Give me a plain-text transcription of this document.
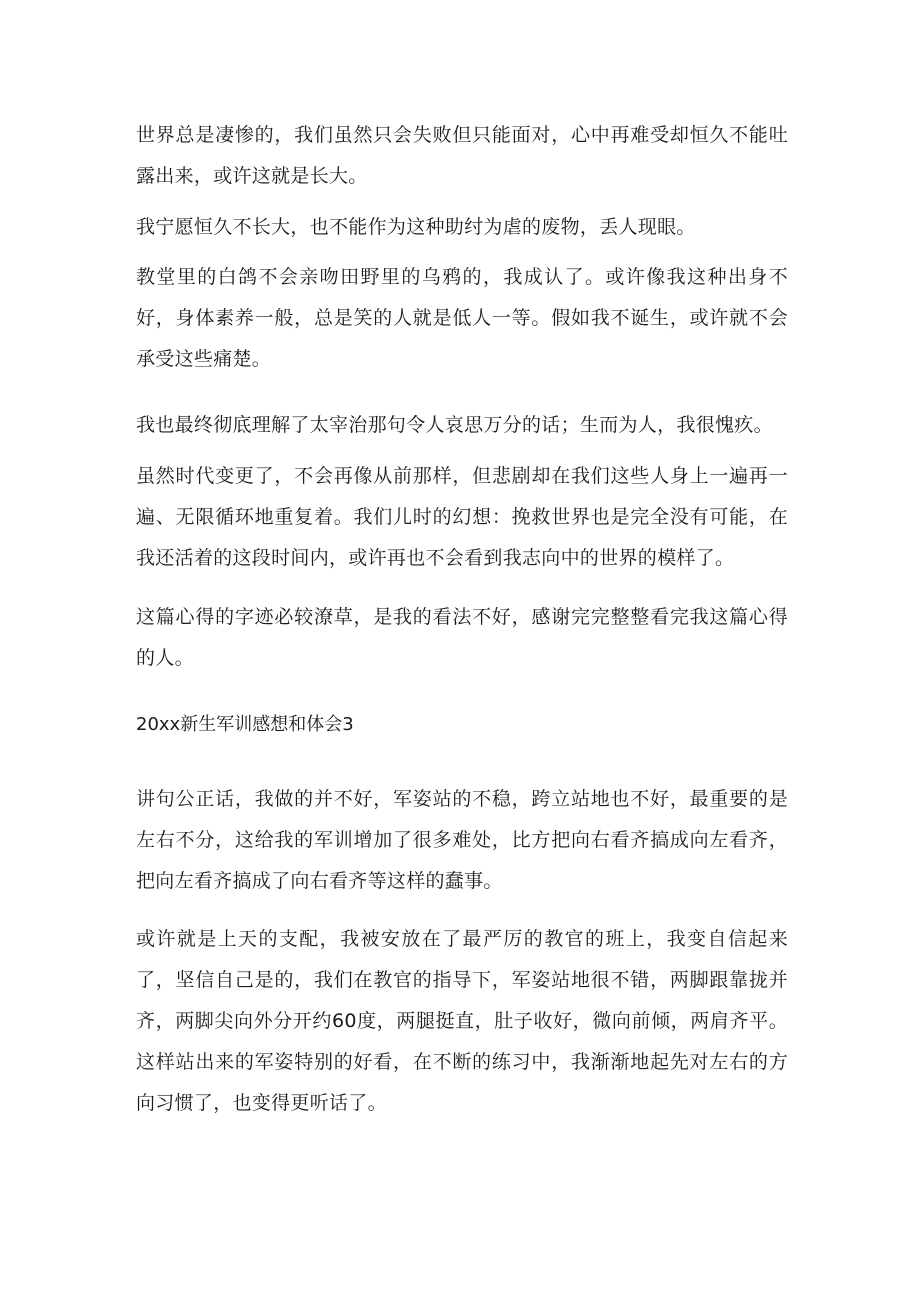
世界总是凄惨的，我们虽然只会失败但只能面对，心中再难受却恒久不能吐露出来，或许这就是长大。

我宁愿恒久不长大，也不能作为这种助纣为虐的废物，丢人现眼。

教堂里的白鸽不会亲吻田野里的乌鸦的，我成认了。或许像我这种出身不好，身体素养一般，总是笑的人就是低人一等。假如我不诞生，或许就不会承受这些痛楚。

我也最终彻底理解了太宰治那句令人哀思万分的话；生而为人，我很愧疚。

虽然时代变更了，不会再像从前那样，但悲剧却在我们这些人身上一遍再一遍、无限循环地重复着。我们儿时的幻想：挽救世界也是完全没有可能，在我还活着的这段时间内，或许再也不会看到我志向中的世界的模样了。

这篇心得的字迹必较潦草，是我的看法不好，感谢完完整整看完我这篇心得的人。

20xx新生军训感想和体会3

讲句公正话，我做的并不好，军姿站的不稳，跨立站地也不好，最重要的是左右不分，这给我的军训增加了很多难处，比方把向右看齐搞成向左看齐，把向左看齐搞成了向右看齐等这样的蠢事。

或许就是上天的支配，我被安放在了最严厉的教官的班上，我变自信起来了，坚信自己是的，我们在教官的指导下，军姿站地很不错，两脚跟靠拢并齐，两脚尖向外分开约60度，两腿挺直，肚子收好，微向前倾，两肩齐平。这样站出来的军姿特别的好看，在不断的练习中，我渐渐地起先对左右的方向习惯了，也变得更听话了。
